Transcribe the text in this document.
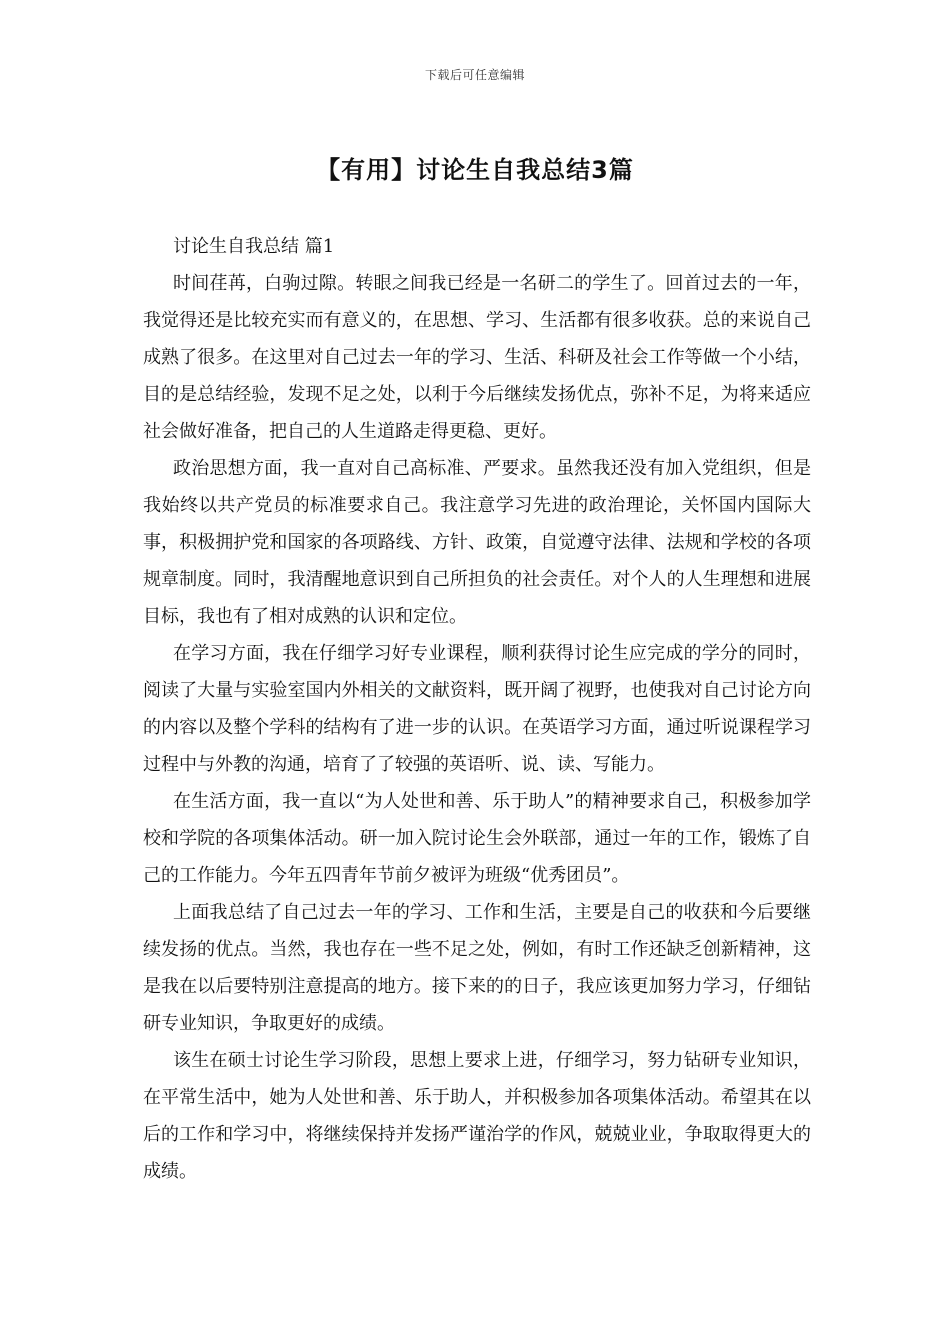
下载后可任意编辑
【有用】讨论生自我总结3篇

讨论生自我总结 篇1

时间荏苒，白驹过隙。转眼之间我已经是一名研二的学生了。回首过去的一年，我觉得还是比较充实而有意义的，在思想、学习、生活都有很多收获。总的来说自己成熟了很多。在这里对自己过去一年的学习、生活、科研及社会工作等做一个小结，目的是总结经验，发现不足之处，以利于今后继续发扬优点，弥补不足，为将来适应社会做好准备，把自己的人生道路走得更稳、更好。

政治思想方面，我一直对自己高标准、严要求。虽然我还没有加入党组织，但是我始终以共产党员的标准要求自己。我注意学习先进的政治理论，关怀国内国际大事，积极拥护党和国家的各项路线、方针、政策，自觉遵守法律、法规和学校的各项规章制度。同时，我清醒地意识到自己所担负的社会责任。对个人的人生理想和进展目标，我也有了相对成熟的认识和定位。

在学习方面，我在仔细学习好专业课程，顺利获得讨论生应完成的学分的同时，阅读了大量与实验室国内外相关的文献资料，既开阔了视野，也使我对自己讨论方向的内容以及整个学科的结构有了进一步的认识。在英语学习方面，通过听说课程学习过程中与外教的沟通，培育了了较强的英语听、说、读、写能力。

在生活方面，我一直以“为人处世和善、乐于助人”的精神要求自己，积极参加学校和学院的各项集体活动。研一加入院讨论生会外联部，通过一年的工作，锻炼了自己的工作能力。今年五四青年节前夕被评为班级“优秀团员”。

上面我总结了自己过去一年的学习、工作和生活，主要是自己的收获和今后要继续发扬的优点。当然，我也存在一些不足之处，例如，有时工作还缺乏创新精神，这是我在以后要特别注意提高的地方。接下来的的日子，我应该更加努力学习，仔细钻研专业知识，争取更好的成绩。

该生在硕士讨论生学习阶段，思想上要求上进，仔细学习，努力钻研专业知识，在平常生活中，她为人处世和善、乐于助人，并积极参加各项集体活动。希望其在以后的工作和学习中，将继续保持并发扬严谨治学的作风，兢兢业业，争取取得更大的成绩。
